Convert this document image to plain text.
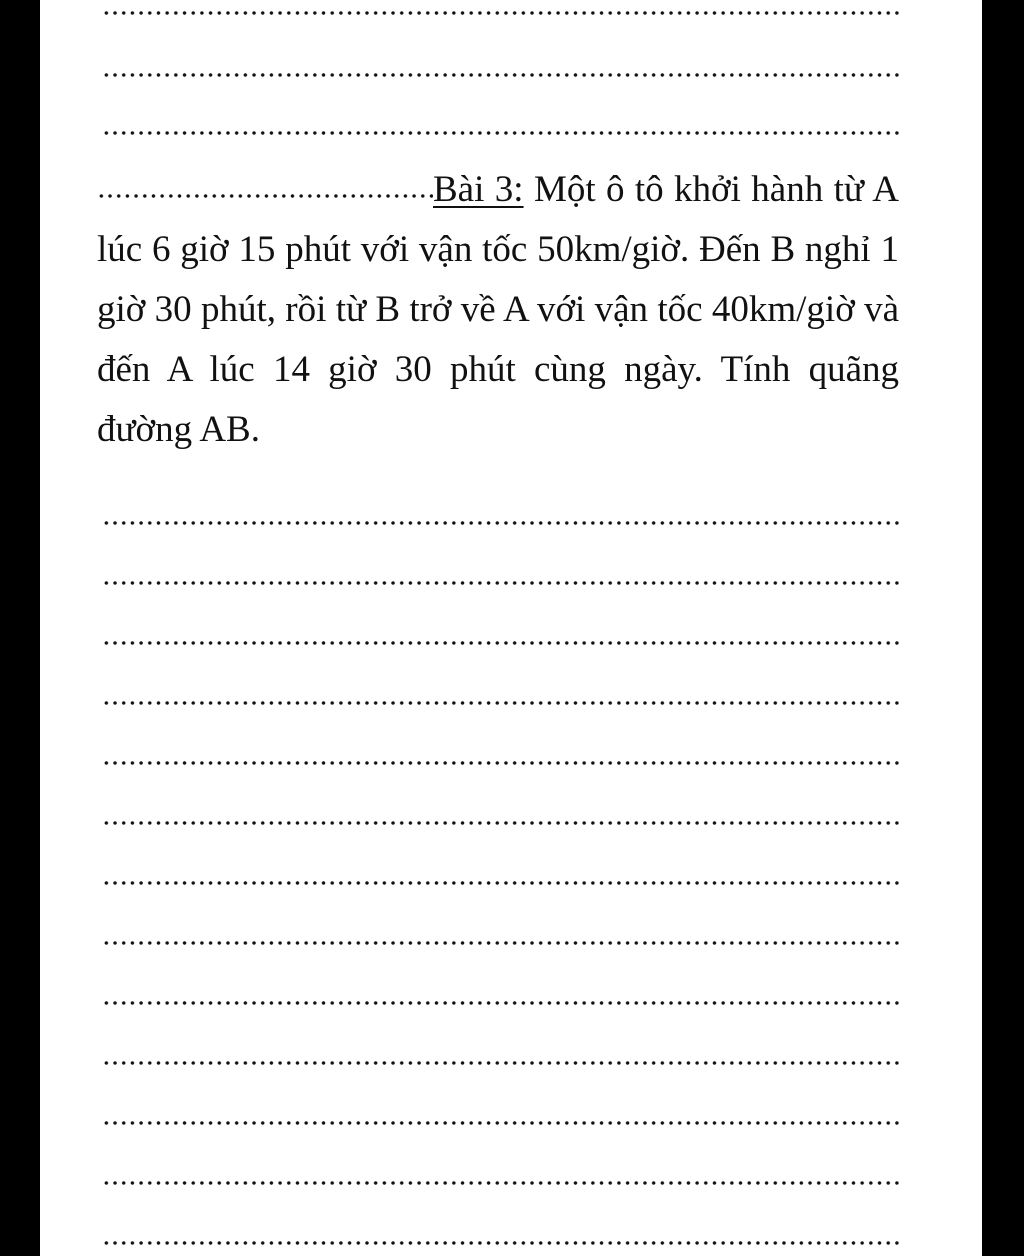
Bài 3: Một ô tô khởi hành từ A lúc 6 giờ 15 phút với vận tốc 50km/giờ. Đến B nghỉ 1 giờ 30 phút, rồi từ B trở về A với vận tốc 40km/giờ và đến A lúc 14 giờ 30 phút cùng ngày. Tính quãng đường AB.
